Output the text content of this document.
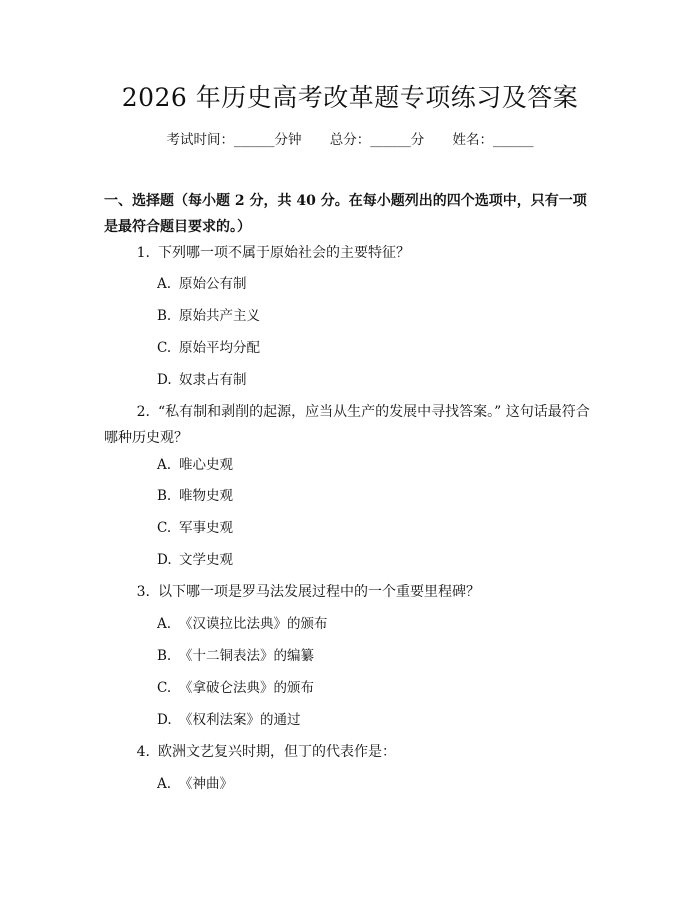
2026 年历史高考改革题专项练习及答案
考试时间：______分钟 总分：______分 姓名：______
一、选择题（每小题 2 分，共 40 分。在每小题列出的四个选项中，只有一项是最符合题目要求的。）
1. 下列哪一项不属于原始社会的主要特征？
A. 原始公有制
B. 原始共产主义
C. 原始平均分配
D. 奴隶占有制
2. “私有制和剥削的起源，应当从生产的发展中寻找答案。” 这句话最符合哪种历史观？
A. 唯心史观
B. 唯物史观
C. 军事史观
D. 文学史观
3. 以下哪一项是罗马法发展过程中的一个重要里程碑？
A. 《汉谟拉比法典》的颁布
B. 《十二铜表法》的编纂
C. 《拿破仑法典》的颁布
D. 《权利法案》的通过
4. 欧洲文艺复兴时期，但丁的代表作是：
A. 《神曲》
